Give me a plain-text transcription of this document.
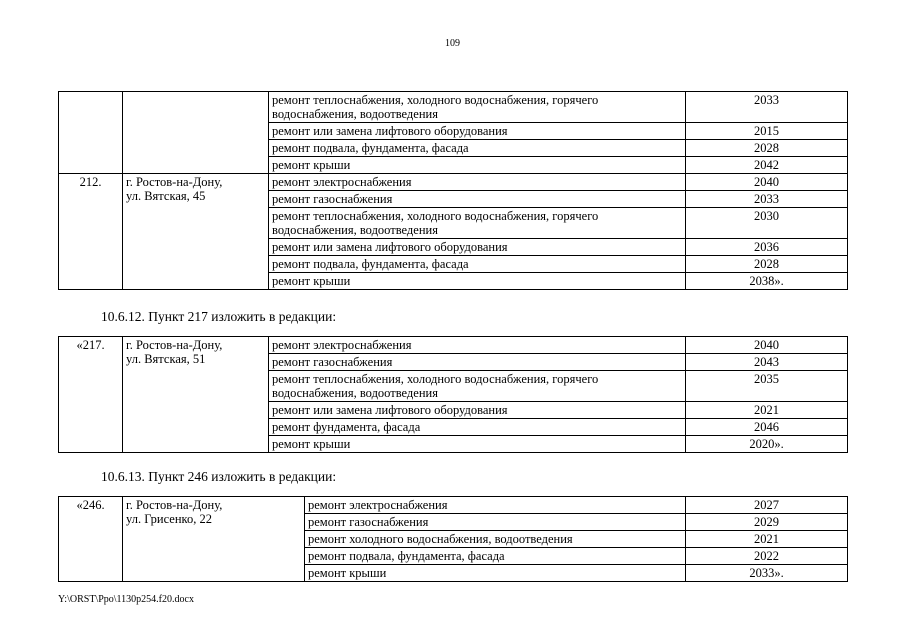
109
		ремонт теплоснабжения, холодного водоснабжения, горячего водоснабжения, водоотведения	2033
		ремонт или замена лифтового оборудования	2015
		ремонт подвала, фундамента, фасада	2028
		ремонт крыши	2042
212.	г. Ростов-на-Дону,
ул. Вятская, 45	ремонт электроснабжения	2040
		ремонт газоснабжения	2033
		ремонт теплоснабжения, холодного водоснабжения, горячего водоснабжения, водоотведения	2030
		ремонт или замена лифтового оборудования	2036
		ремонт подвала, фундамента, фасада	2028
		ремонт крыши	2038».
10.6.12. Пункт 217 изложить в редакции:
«217.	г. Ростов-на-Дону,
ул. Вятская, 51	ремонт электроснабжения	2040
		ремонт газоснабжения	2043
		ремонт теплоснабжения, холодного водоснабжения, горячего водоснабжения, водоотведения	2035
		ремонт или замена лифтового оборудования	2021
		ремонт фундамента, фасада	2046
		ремонт крыши	2020».
10.6.13. Пункт 246 изложить в редакции:
«246.	г. Ростов-на-Дону,
ул. Грисенко, 22	ремонт электроснабжения	2027
		ремонт газоснабжения	2029
		ремонт холодного водоснабжения, водоотведения	2021
		ремонт подвала, фундамента, фасада	2022
		ремонт крыши	2033».
Y:\ORST\Ppo\1130p254.f20.docx
